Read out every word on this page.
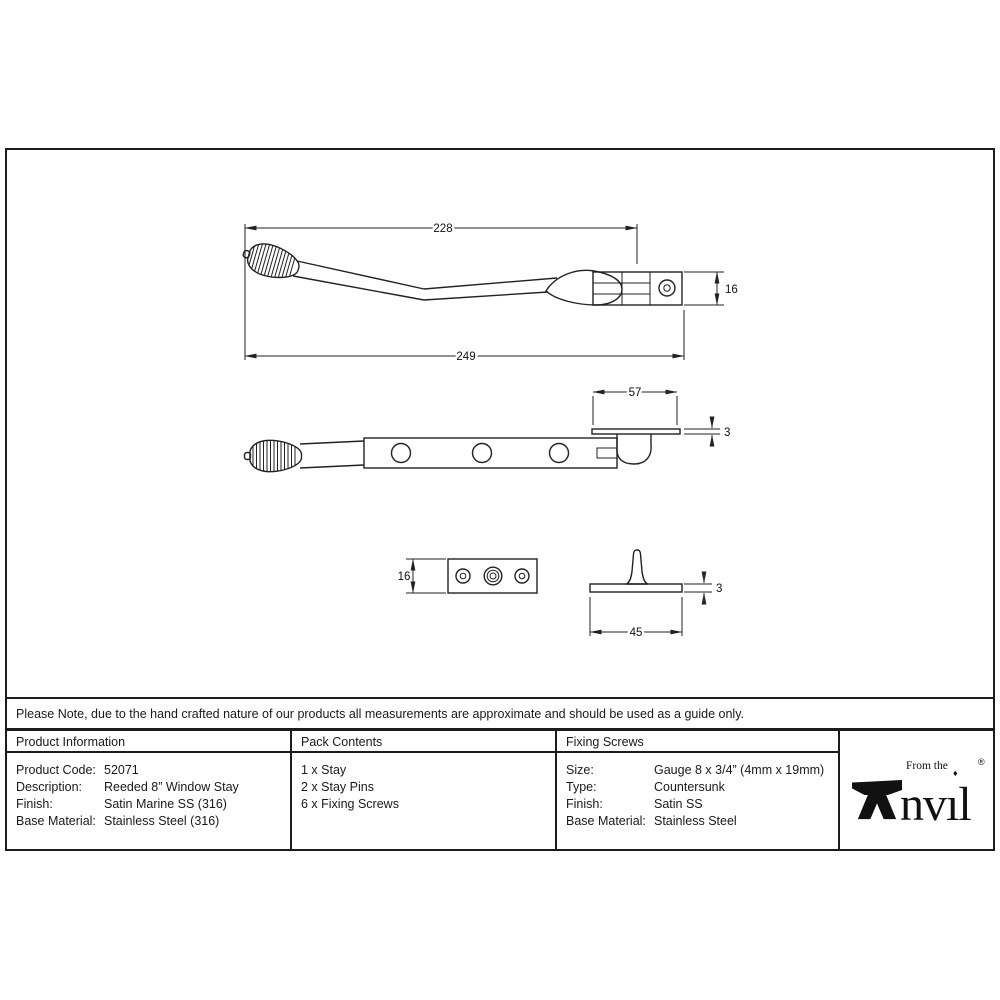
228
249
16
57
3
16
3
45
Please Note, due to the hand crafted nature of our products all measurements are approximate and should be used as a guide only.
Product Information
Product Code: 52071
Description:	Reeded 8” Window Stay
Finish:	Satin Marine SS (316)
Base Material: Stainless Steel (316)
Pack Contents
1 x Stay
2 x Stay Pins
6 x Fixing Screws
Fixing Screws
Size:	Gauge 8 x 3/4” (4mm x 19mm)
Type:	Countersunk
Finish:	Satin SS
Base Material: Stainless Steel
From the
nvıl
♦
®
